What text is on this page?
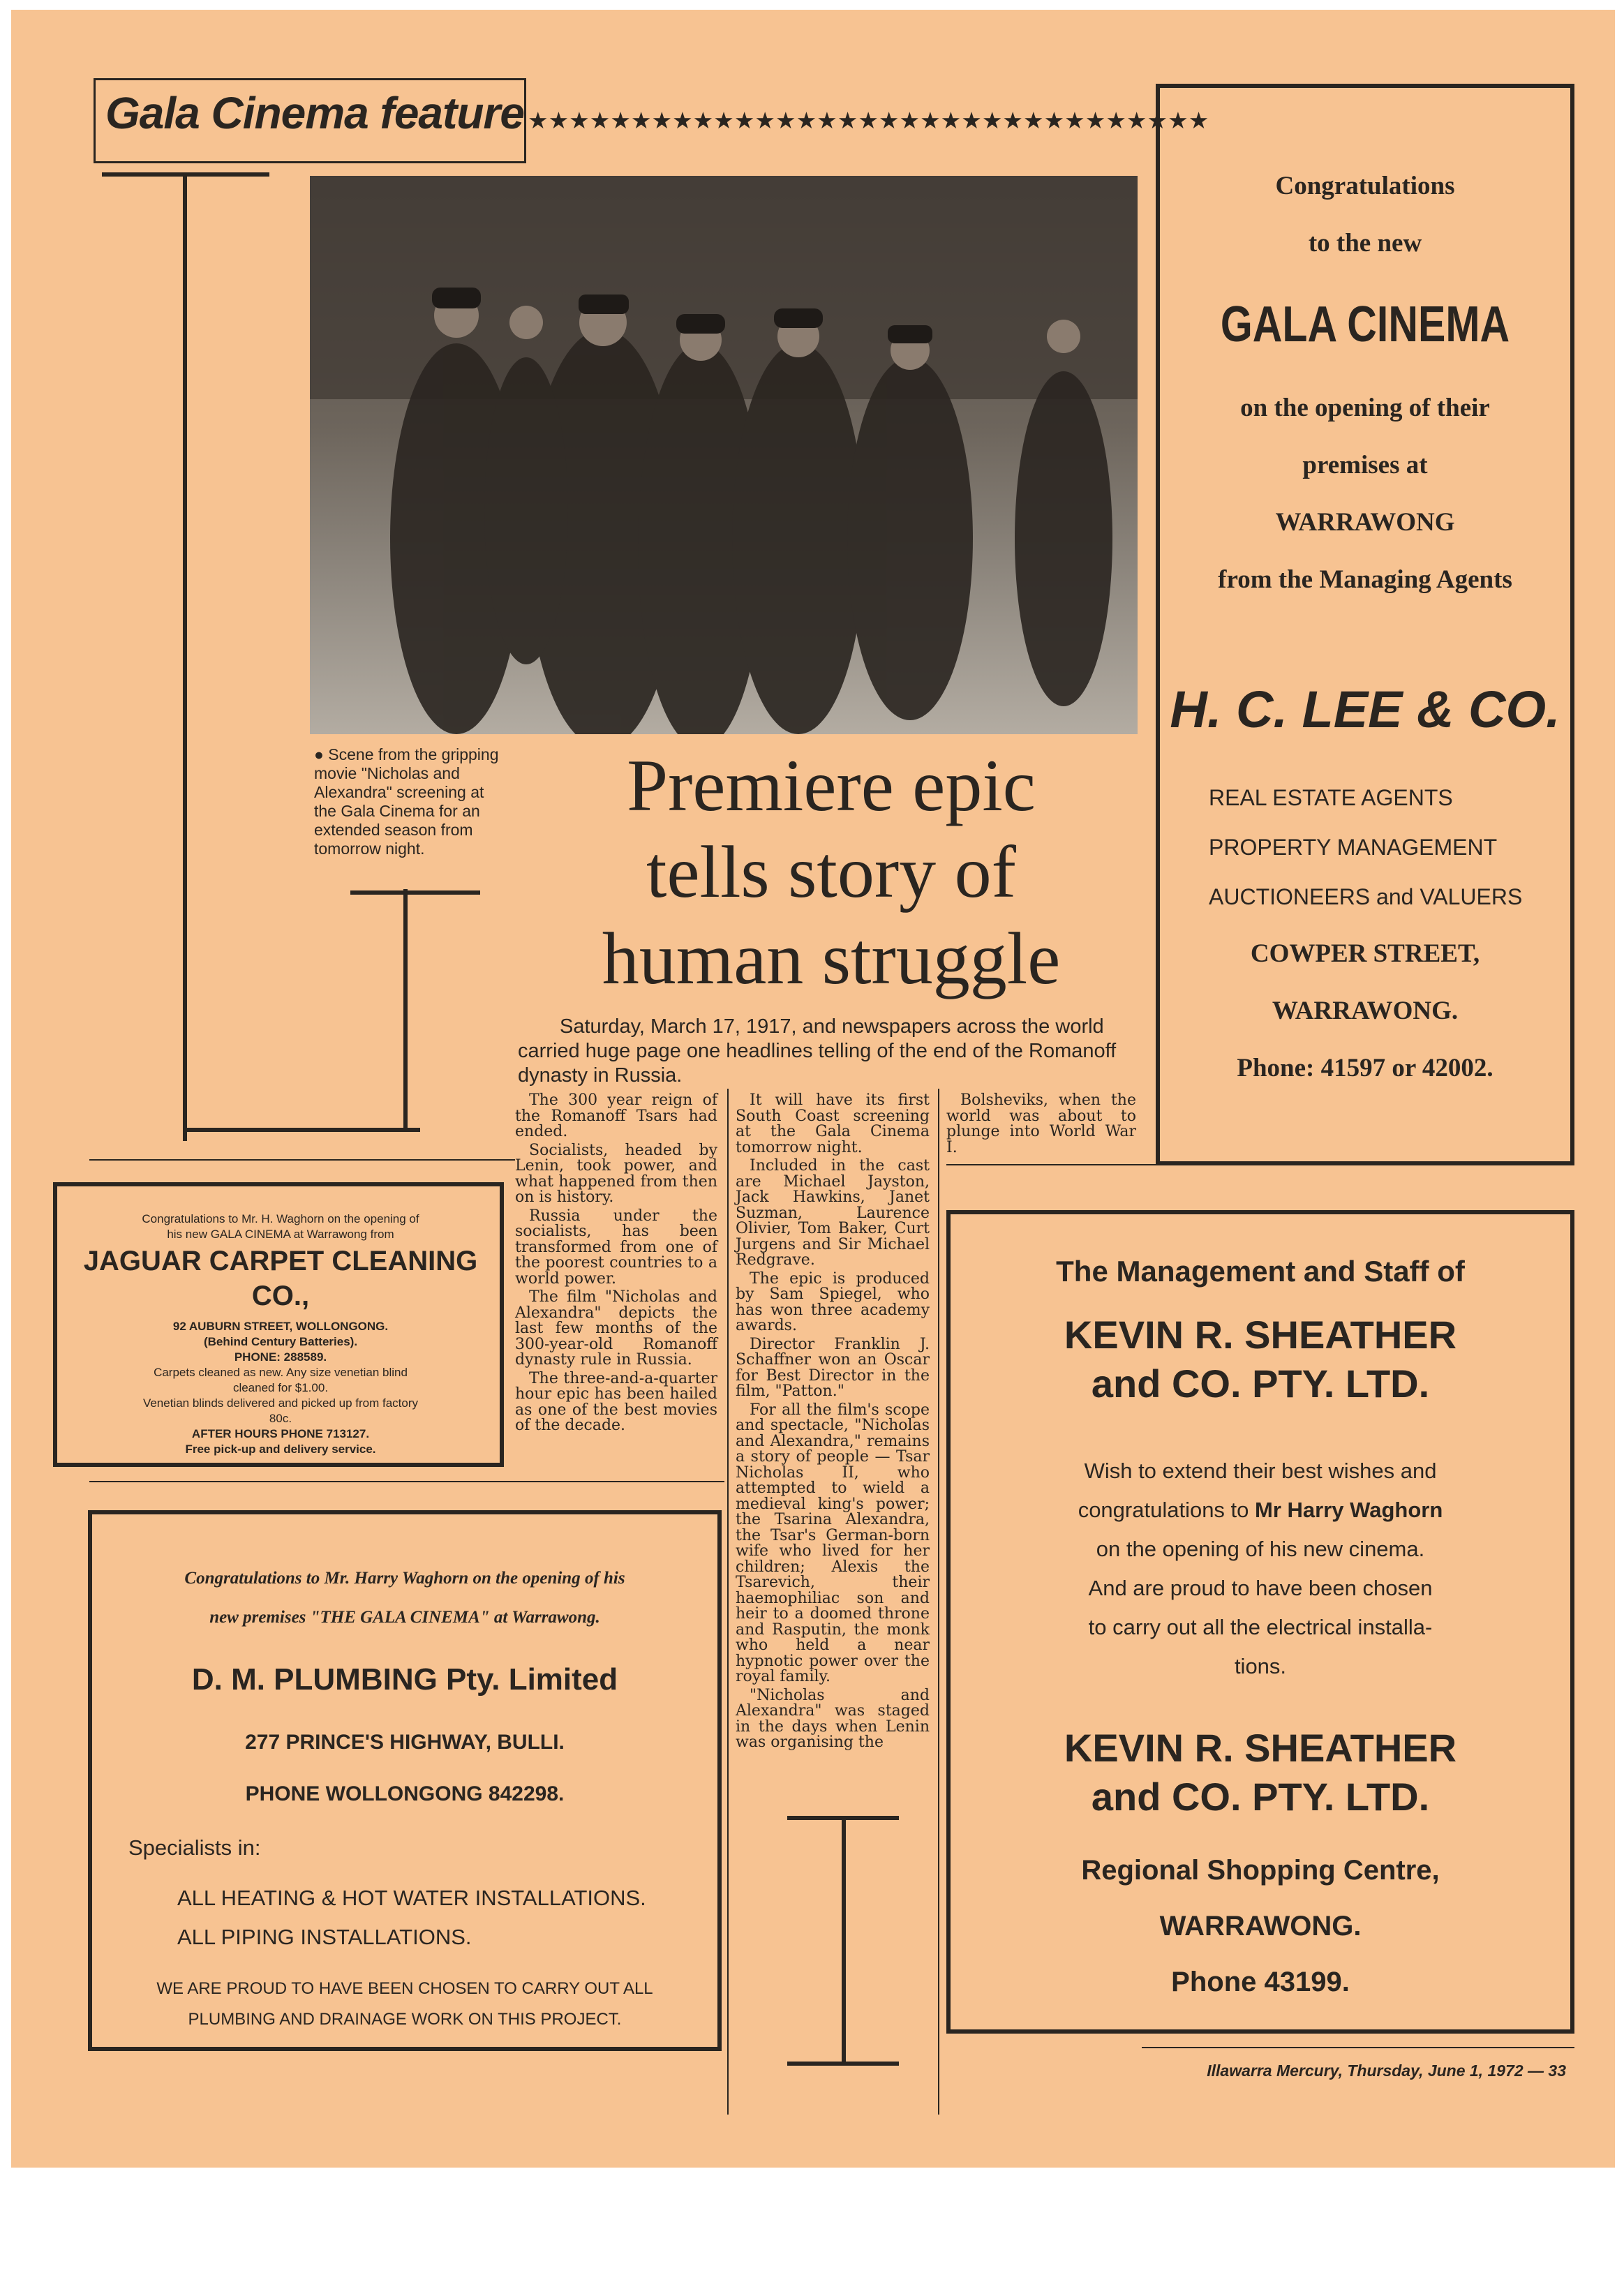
Gala Cinema feature ★★★★★★★★★★★★★★★★★★★★★★★★★★★★★★★★★
● Scene from the gripping movie "Nicholas and Alexandra" screening at the Gala Cinema for an extended season from tomorrow night.
Premiere epic
tells story of
human struggle
Saturday, March 17, 1917, and newspapers across the world carried huge page one headlines telling of the end of the Romanoff dynasty in Russia.

The 300 year reign of the Romanoff Tsars had ended.

Socialists, headed by Lenin, took power, and what happened from then on is history.

Russia under the socialists, has been transformed from one of the poorest countries to a world power.

The film "Nicholas and Alexandra" depicts the last few months of the 300-year-old Romanoff dynasty rule in Russia.

The three-and-a-quarter hour epic has been hailed as one of the best movies of the decade.

It will have its first South Coast screening at the Gala Cinema tomorrow night.

Included in the cast are Michael Jayston, Jack Hawkins, Janet Suzman, Laurence Olivier, Tom Baker, Curt Jurgens and Sir Michael Redgrave.

The epic is produced by Sam Spiegel, who has won three academy awards.

Director Franklin J. Schaffner won an Oscar for Best Director in the film, "Patton."

For all the film's scope and spectacle, "Nicholas and Alexandra," remains a story of people — Tsar Nicholas II, who attempted to wield a medieval king's power; the Tsarina Alexandra, the Tsar's German-born wife who lived for her children; Alexis the Tsarevich, their haemophiliac son and heir to a doomed throne and Rasputin, the monk who held a near hypnotic power over the royal family.

"Nicholas and Alexandra" was staged in the days when Lenin was organising the

Bolsheviks, when the world was about to plunge into World War I.

Congratulations
to the new
GALA CINEMA
on the opening of their
premises at
WARRAWONG
from the Managing Agents
H. C. LEE & CO.
REAL ESTATE AGENTS
PROPERTY MANAGEMENT
AUCTIONEERS and VALUERS
COWPER STREET,
WARRAWONG.
Phone: 41597 or 42002.
Congratulations to Mr. H. Waghorn on the opening of
his new GALA CINEMA at Warrawong from
JAGUAR CARPET CLEANING
CO.,
92 AUBURN STREET, WOLLONGONG.
(Behind Century Batteries).
PHONE: 288589.
Carpets cleaned as new. Any size venetian blind
cleaned for $1.00.
Venetian blinds delivered and picked up from factory
80c.
AFTER HOURS PHONE 713127.
Free pick-up and delivery service.
Congratulations to Mr. Harry Waghorn on the opening of his
new premises "THE GALA CINEMA" at Warrawong.
D. M. PLUMBING Pty. Limited
277 PRINCE'S HIGHWAY, BULLI.
PHONE WOLLONGONG 842298.
Specialists in:
ALL HEATING & HOT WATER INSTALLATIONS.
ALL PIPING INSTALLATIONS.
WE ARE PROUD TO HAVE BEEN CHOSEN TO CARRY OUT ALL
PLUMBING AND DRAINAGE WORK ON THIS PROJECT.
The Management and Staff of
KEVIN R. SHEATHER
and CO. PTY. LTD.
Wish to extend their best wishes and
congratulations to Mr Harry Waghorn
on the opening of his new cinema.
And are proud to have been chosen
to carry out all the electrical installa-
tions.
KEVIN R. SHEATHER
and CO. PTY. LTD.
Regional Shopping Centre,
WARRAWONG.
Phone 43199.
Illawarra Mercury, Thursday, June 1, 1972 — 33
